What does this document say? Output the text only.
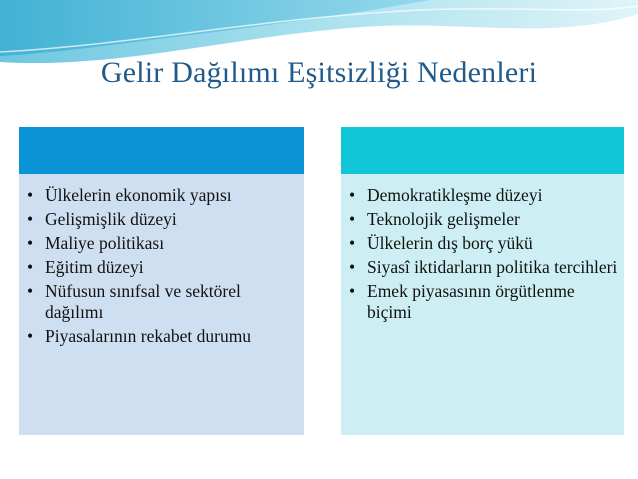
Gelir Dağılımı Eşitsizliği Nedenleri
• Ülkelerin ekonomik yapısı
• Gelişmişlik düzeyi
• Maliye politikası
• Eğitim düzeyi
• Nüfusun sınıfsal ve sektörel dağılımı
• Piyasalarının rekabet durumu
• Demokratikleşme düzeyi
• Teknolojik gelişmeler
• Ülkelerin dış borç yükü
• Siyasî iktidarların politika tercihleri
• Emek piyasasının örgütlenme biçimi
